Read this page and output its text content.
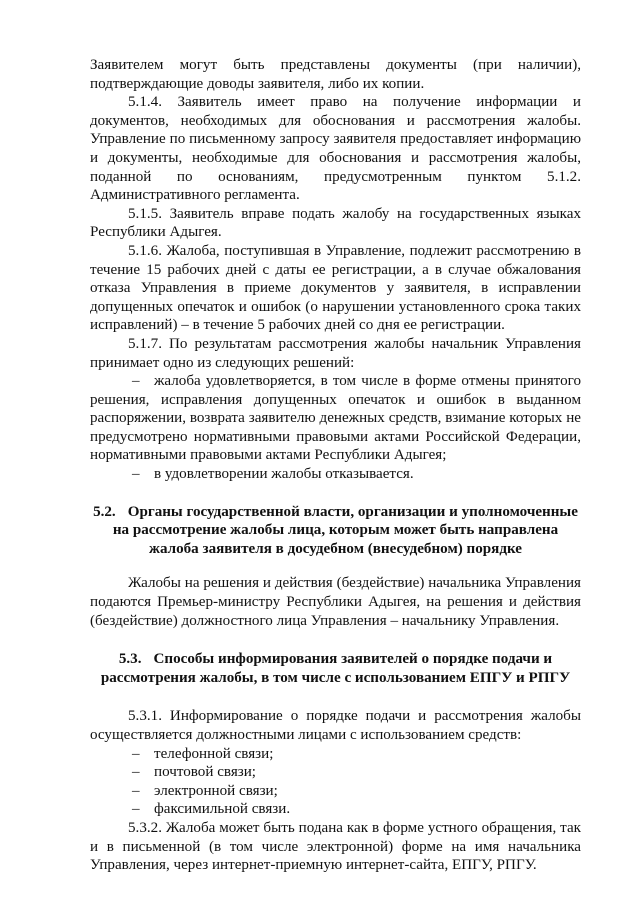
Заявителем могут быть представлены документы (при наличии), подтверждающие доводы заявителя, либо их копии.

5.1.4. Заявитель имеет право на получение информации и документов, необходимых для обоснования и рассмотрения жалобы. Управление по письменному запросу заявителя предоставляет информацию и документы, необходимые для обоснования и рассмотрения жалобы, поданной по основаниям, предусмотренным пунктом 5.1.2. Административного регламента.

5.1.5. Заявитель вправе подать жалобу на государственных языках Республики Адыгея.

5.1.6. Жалоба, поступившая в Управление, подлежит рассмотрению в течение 15 рабочих дней с даты ее регистрации, а в случае обжалования отказа Управления в приеме документов у заявителя, в исправлении допущенных опечаток и ошибок (о нарушении установленного срока таких исправлений) – в течение 5 рабочих дней со дня ее регистрации.

5.1.7. По результатам рассмотрения жалобы начальник Управления принимает одно из следующих решений:

– жалоба удовлетворяется, в том числе в форме отмены принятого решения, исправления допущенных опечаток и ошибок в выданном распоряжении, возврата заявителю денежных средств, взимание которых не предусмотрено нормативными правовыми актами Российской Федерации, нормативными правовыми актами Республики Адыгея;

– в удовлетворении жалобы отказывается.

5.2. Органы государственной власти, организации и уполномоченные на рассмотрение жалобы лица, которым может быть направлена жалоба заявителя в досудебном (внесудебном) порядке

Жалобы на решения и действия (бездействие) начальника Управления подаются Премьер-министру Республики Адыгея, на решения и действия (бездействие) должностного лица Управления – начальнику Управления.

5.3. Способы информирования заявителей о порядке подачи и рассмотрения жалобы, в том числе с использованием ЕПГУ и РПГУ

5.3.1. Информирование о порядке подачи и рассмотрения жалобы осуществляется должностными лицами с использованием средств:

– телефонной связи;

– почтовой связи;

– электронной связи;

– факсимильной связи.

5.3.2. Жалоба может быть подана как в форме устного обращения, так и в письменной (в том числе электронной) форме на имя начальника Управления, через интернет-приемную интернет-сайта, ЕПГУ, РПГУ.
